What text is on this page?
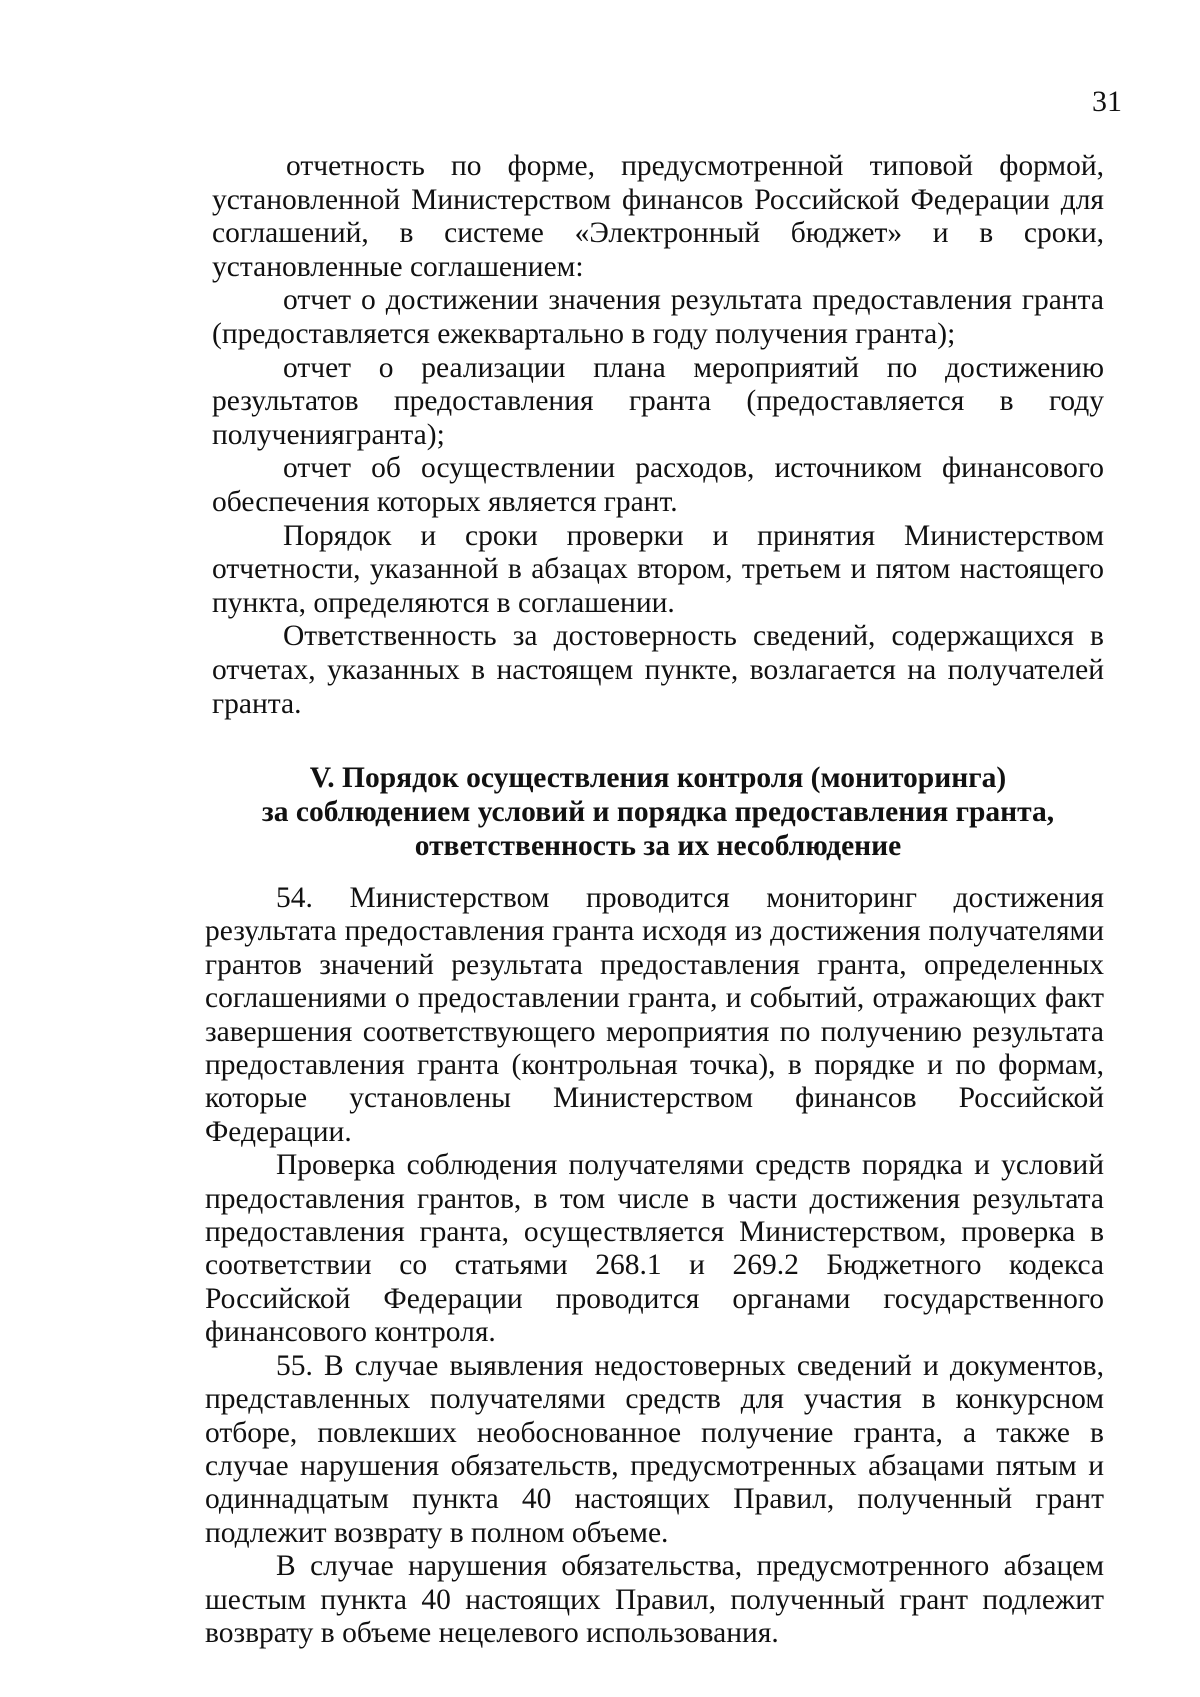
31

отчетность по форме, предусмотренной типовой формой, установленной Министерством финансов Российской Федерации для соглашений, в системе «Электронный бюджет» и в сроки, установленные соглашением:

отчет о достижении значения результата предоставления гранта (предоставляется ежеквартально в году получения гранта);

отчет о реализации плана мероприятий по достижению результатов предоставления гранта (предоставляется в году получениягранта);

отчет об осуществлении расходов, источником финансового обеспечения которых является грант.

Порядок и сроки проверки и принятия Министерством отчетности, указанной в абзацах втором, третьем и пятом настоящего пункта, определяются в соглашении.

Ответственность за достоверность сведений, содержащихся в отчетах, указанных в настоящем пункте, возлагается на получателей гранта.

V. Порядок осуществления контроля (мониторинга)
за соблюдением условий и порядка предоставления гранта,
ответственность за их несоблюдение

54. Министерством проводится мониторинг достижения результата предоставления гранта исходя из достижения получателями грантов значений результата предоставления гранта, определенных соглашениями о предоставлении гранта, и событий, отражающих факт завершения соответствующего мероприятия по получению результата предоставления гранта (контрольная точка), в порядке и по формам, которые установлены Министерством финансов Российской Федерации.

Проверка соблюдения получателями средств порядка и условий предоставления грантов, в том числе в части достижения результата предоставления гранта, осуществляется Министерством, проверка в соответствии со статьями 268.1 и 269.2 Бюджетного кодекса Российской Федерации проводится органами государственного финансового контроля.

55. В случае выявления недостоверных сведений и документов, представленных получателями средств для участия в конкурсном отборе, повлекших необоснованное получение гранта, а также в случае нарушения обязательств, предусмотренных абзацами пятым и одиннадцатым пункта 40 настоящих Правил, полученный грант подлежит возврату в полном объеме.

В случае нарушения обязательства, предусмотренного абзацем шестым пункта 40 настоящих Правил, полученный грант подлежит возврату в объеме нецелевого использования.
